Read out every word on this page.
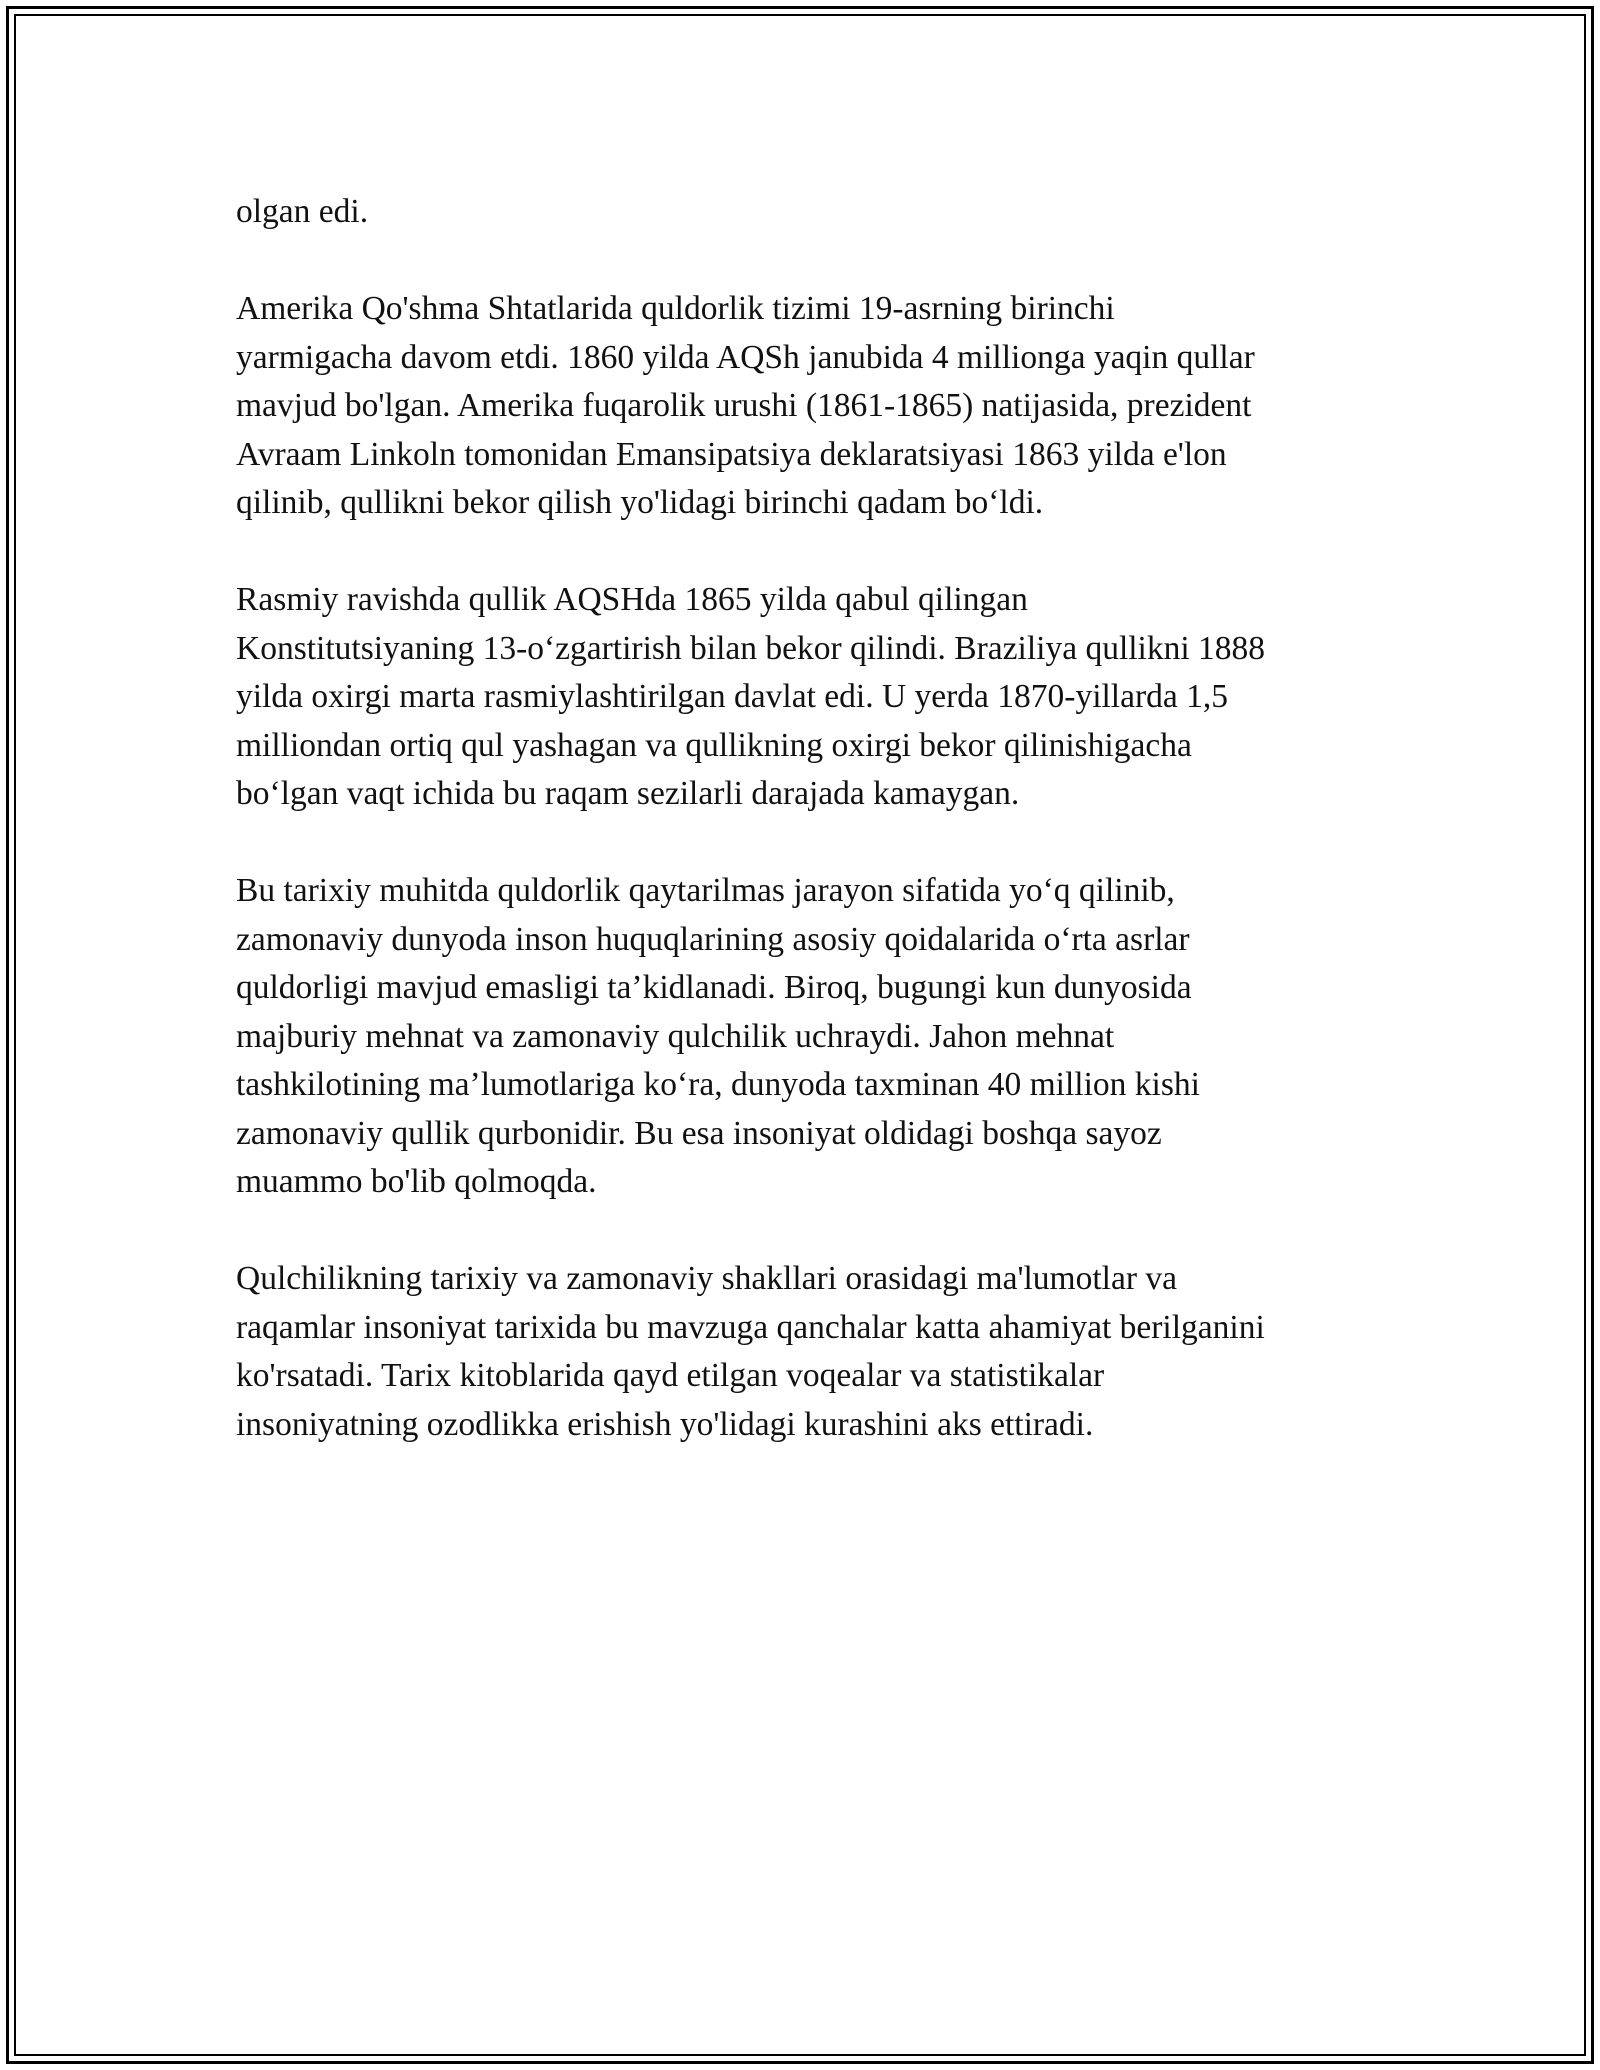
olgan edi.

Amerika Qo'shma Shtatlarida quldorlik tizimi 19-asrning birinchi
yarmigacha davom etdi. 1860 yilda AQSh janubida 4 millionga yaqin qullar
mavjud bo'lgan. Amerika fuqarolik urushi (1861-1865) natijasida, prezident
Avraam Linkoln tomonidan Emansipatsiya deklaratsiyasi 1863 yilda e'lon
qilinib, qullikni bekor qilish yo'lidagi birinchi qadam bo‘ldi.

Rasmiy ravishda qullik AQSHda 1865 yilda qabul qilingan
Konstitutsiyaning 13-o‘zgartirish bilan bekor qilindi. Braziliya qullikni 1888
yilda oxirgi marta rasmiylashtirilgan davlat edi. U yerda 1870-yillarda 1,5
milliondan ortiq qul yashagan va qullikning oxirgi bekor qilinishigacha
bo‘lgan vaqt ichida bu raqam sezilarli darajada kamaygan.

Bu tarixiy muhitda quldorlik qaytarilmas jarayon sifatida yo‘q qilinib,
zamonaviy dunyoda inson huquqlarining asosiy qoidalarida o‘rta asrlar
quldorligi mavjud emasligi ta’kidlanadi. Biroq, bugungi kun dunyosida
majburiy mehnat va zamonaviy qulchilik uchraydi. Jahon mehnat
tashkilotining ma’lumotlariga ko‘ra, dunyoda taxminan 40 million kishi
zamonaviy qullik qurbonidir. Bu esa insoniyat oldidagi boshqa sayoz
muammo bo'lib qolmoqda.

Qulchilikning tarixiy va zamonaviy shakllari orasidagi ma'lumotlar va
raqamlar insoniyat tarixida bu mavzuga qanchalar katta ahamiyat berilganini
ko'rsatadi. Tarix kitoblarida qayd etilgan voqealar va statistikalar
insoniyatning ozodlikka erishish yo'lidagi kurashini aks ettiradi.
